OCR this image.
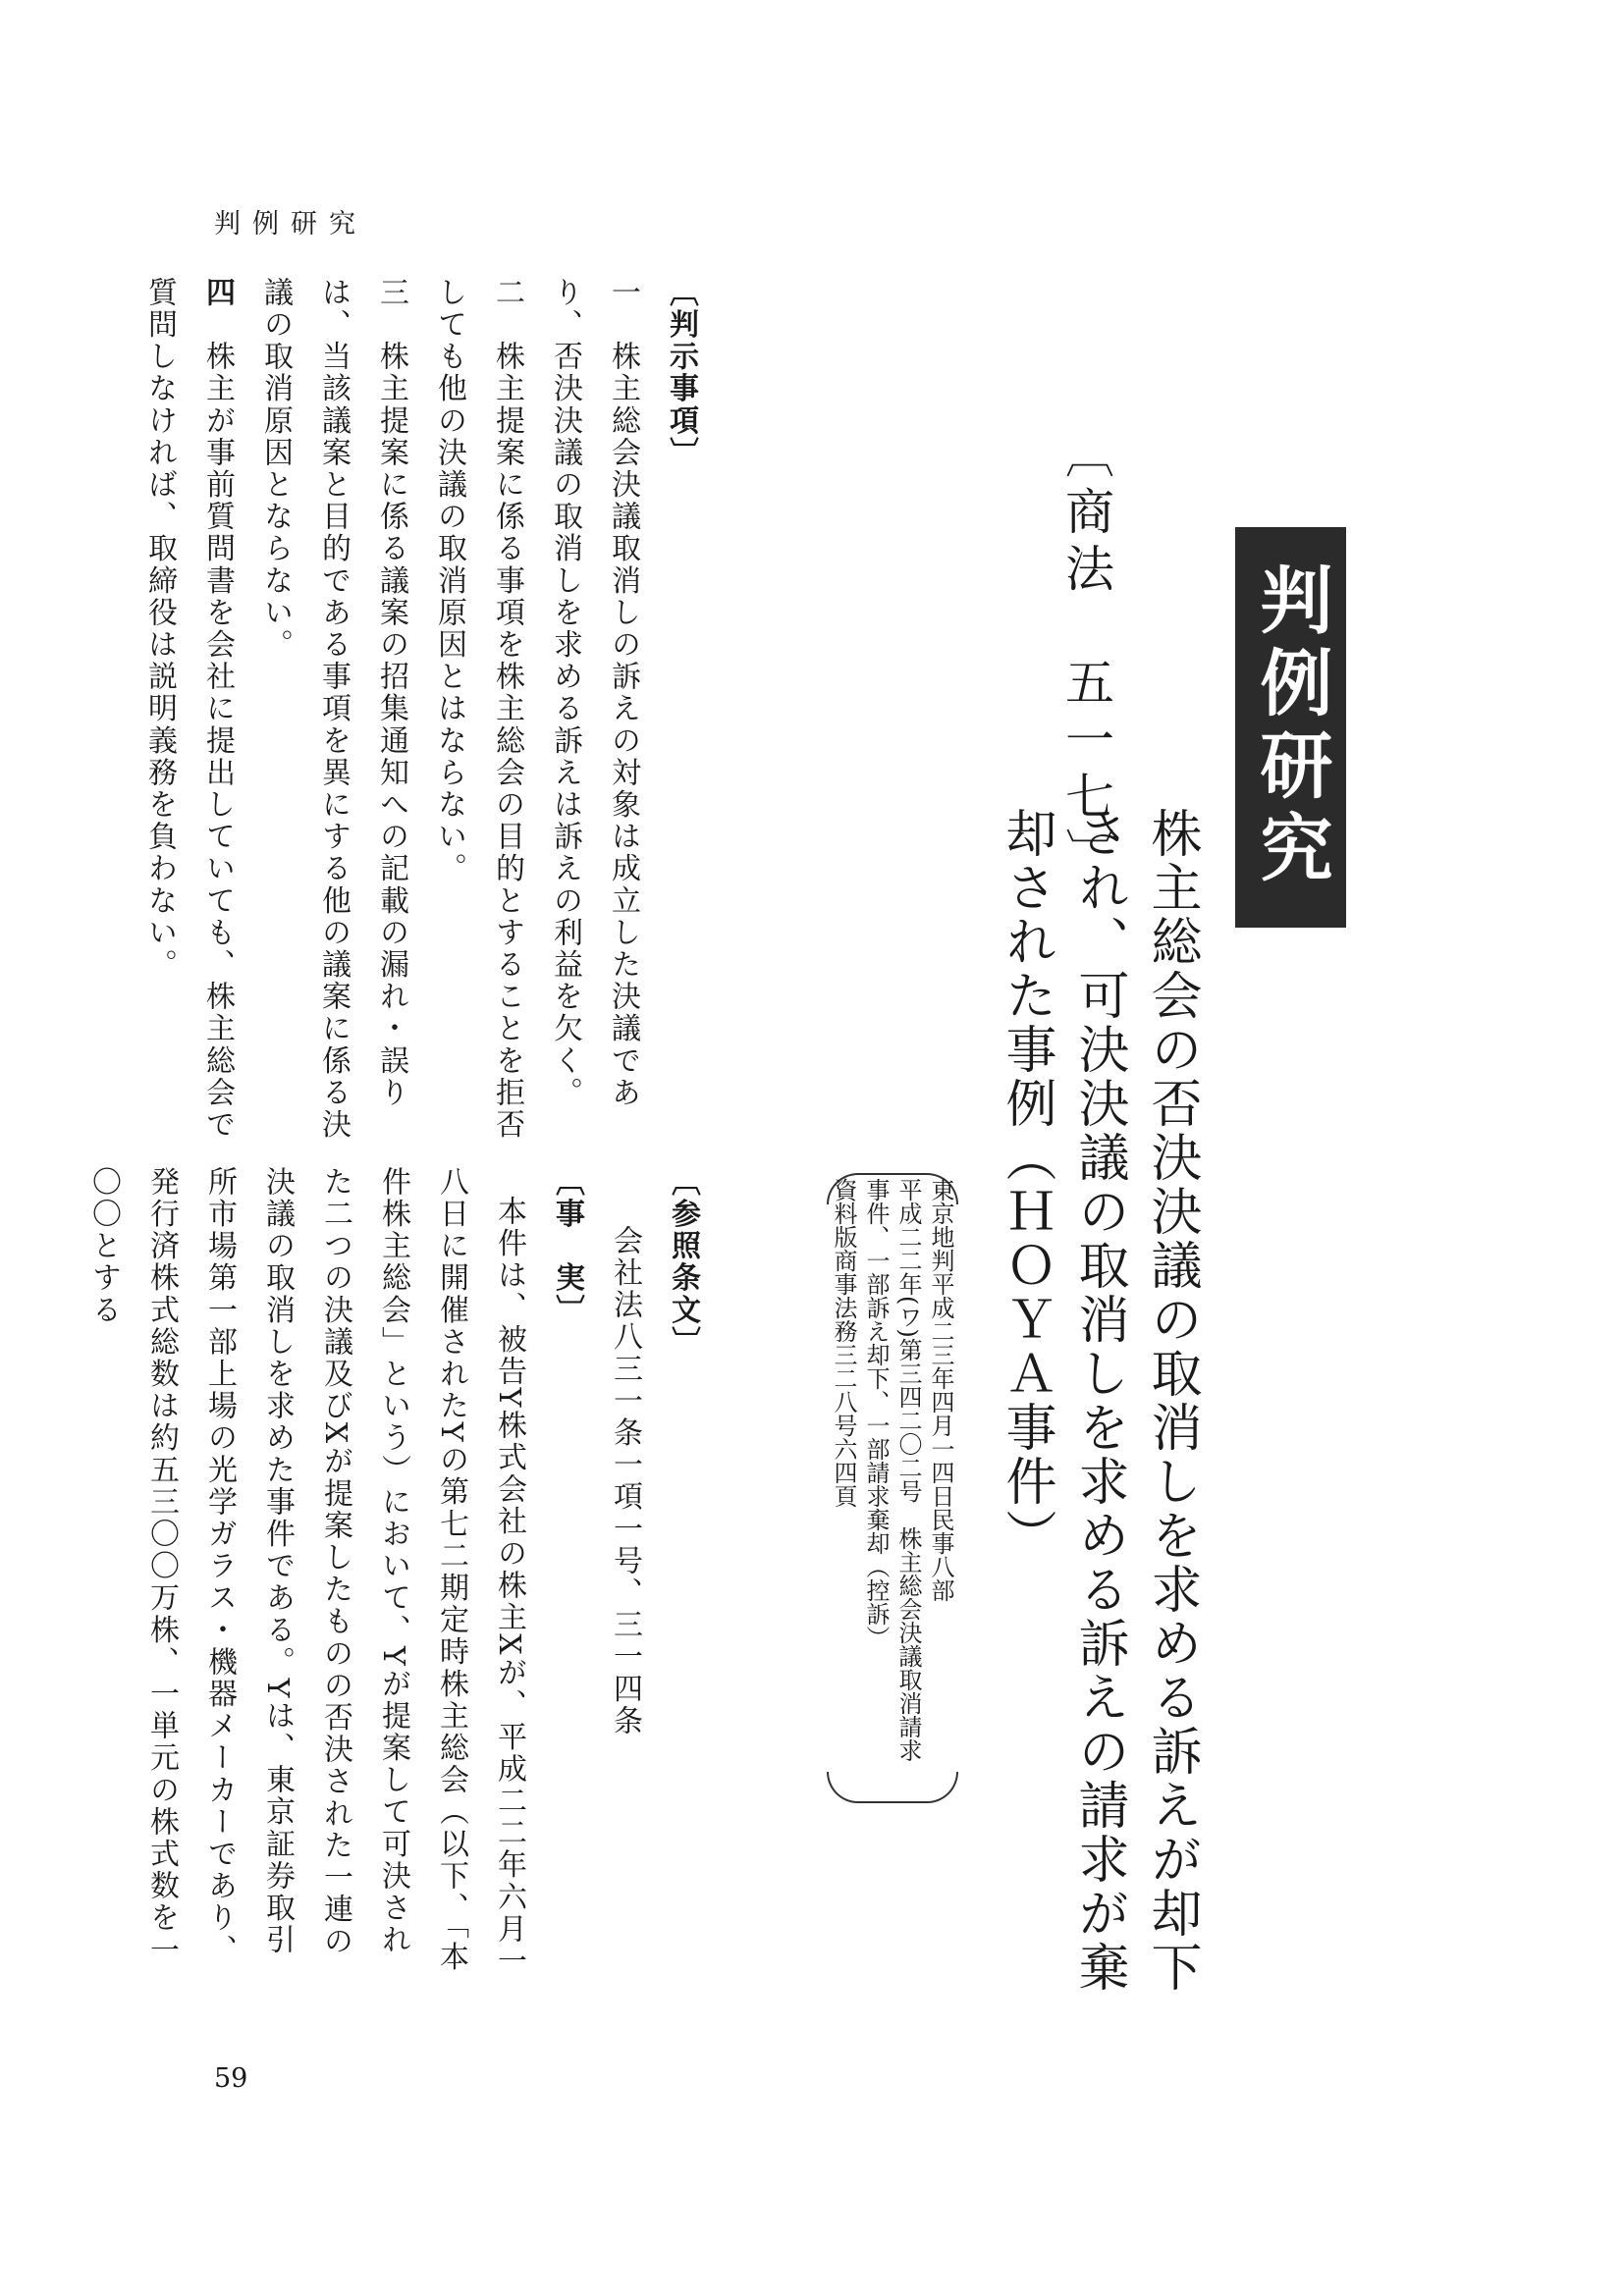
判例研究
判例研究
〔商法　五一七〕
株主総会の否決決議の取消しを求める訴えが却下され、可決決議の取消しを求める訴えの請求が棄却された事例（ＨＯＹＡ事件）
東京地判平成二三年四月一四日民事八部
平成二二年(ワ)第三四二〇二号　株主総会決議取消請求
事件、一部訴え却下、一部請求棄却（控訴）
資料版商事法務三二八号六四頁
〔判示事項〕

一　株主総会決議取消しの訴えの対象は成立した決議であり、否決決議の取消しを求める訴えは訴えの利益を欠く。

二　株主提案に係る事項を株主総会の目的とすることを拒否しても他の決議の取消原因とはならない。

三　株主提案に係る議案の招集通知への記載の漏れ・誤りは、当該議案と目的である事項を異にする他の議案に係る決議の取消原因とならない。

四　株主が事前質問書を会社に提出していても、株主総会で質問しなければ、取締役は説明義務を負わない。

〔参照条文〕
会社法八三一条一項一号、三一四条
〔事　実〕
本件は、被告Y株式会社の株主Xが、平成二二年六月一八日に開催されたYの第七二期定時株主総会（以下、「本件株主総会」という）において、Yが提案して可決された二つの決議及びXが提案したものの否決された一連の決議の取消しを求めた事件である。Yは、東京証券取引所市場第一部上場の光学ガラス・機器メーカーであり、発行済株式総数は約五三〇〇万株、一単元の株式数を一〇〇とする
59
